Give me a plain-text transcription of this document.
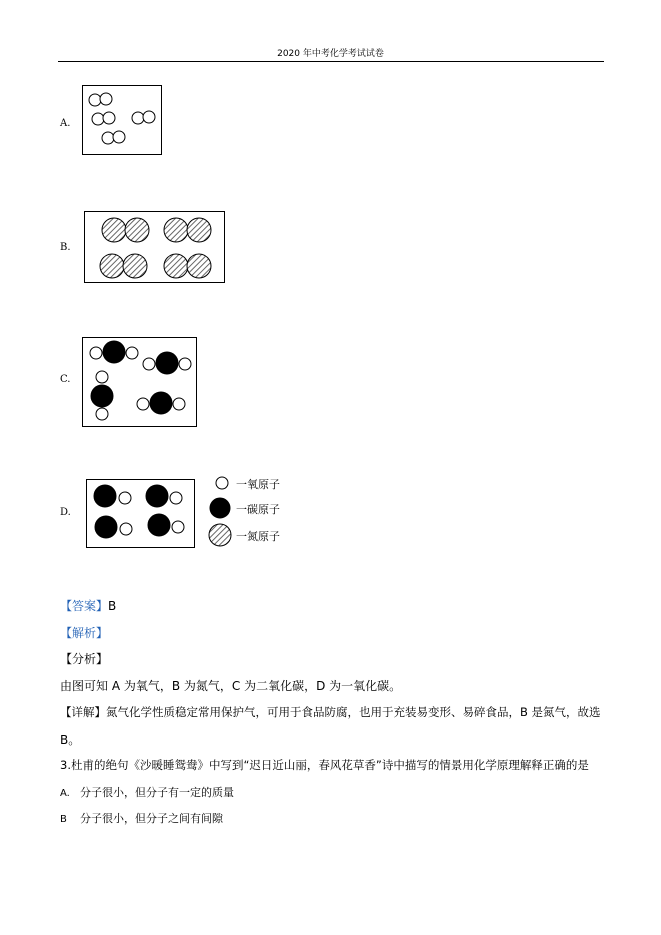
2020 年中考化学考试试卷
A.
B.
C.
D.
一氧原子
一碳原子
一氮原子
【答案】B
【解析】
【分析】
由图可知 A 为氧气，B 为氮气，C 为二氧化碳，D 为一氧化碳。
【详解】氮气化学性质稳定常用保护气，可用于食品防腐，也用于充装易变形、易碎食品，B 是氮气，故选
B。
3.杜甫的绝句《沙暖睡鸳鸯》中写到“迟日近山丽，春风花草香”诗中描写的情景用化学原理解释正确的是
A. 分子很小，但分子有一定的质量
B 分子很小，但分子之间有间隙
